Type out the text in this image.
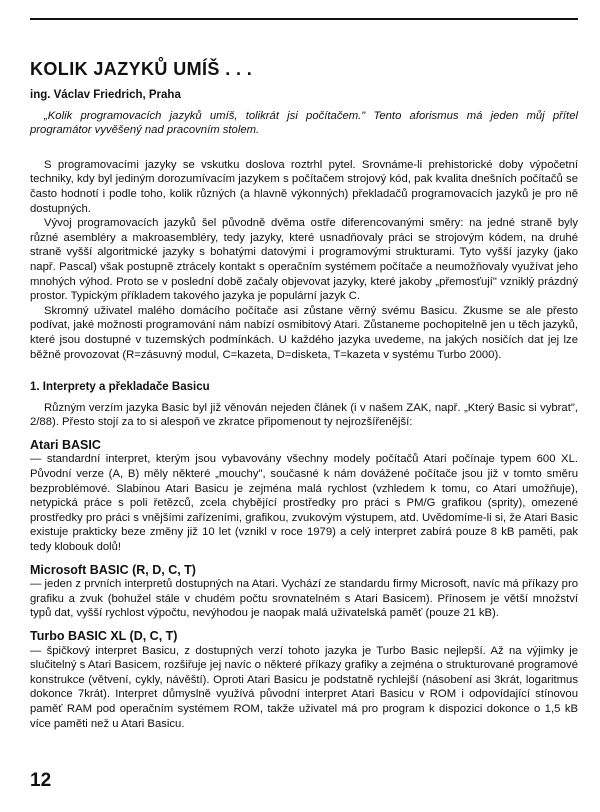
KOLIK JAZYKŮ UMÍŠ . . .

ing. Václav Friedrich, Praha

„Kolik programovacích jazyků umíš, tolikrát jsi počítačem." Tento aforismus má jeden můj přítel programátor vyvěšený nad pracovním stolem.

S programovacími jazyky se vskutku doslova roztrhl pytel. Srovnáme-li prehistorické doby výpočetní techniky, kdy byl jediným dorozumívacím jazykem s počítačem strojový kód, pak kvalita dnešních počítačů se často hodnotí i podle toho, kolik různých (a hlavně výkonných) překladačů programovacích jazyků je pro ně dostupných.

Vývoj programovacích jazyků šel původně dvěma ostře diferencovanými směry: na jedné straně byly různé asembléry a makroasembléry, tedy jazyky, které usnadňovaly práci se strojovým kódem, na druhé straně vyšší algoritmické jazyky s bohatými datovými i programovými strukturami. Tyto vyšší jazyky (jako např. Pascal) však postupně ztrácely kontakt s operačním systémem počítače a neumožňovaly využívat jeho mnohých výhod. Proto se v poslední době začaly objevovat jazyky, které jakoby „přemosťují" vzniklý prázdný prostor. Typickým příkladem takového jazyka je populární jazyk C.

Skromný uživatel malého domácího počítače asi zůstane věrný svému Basicu. Zkusme se ale přesto podívat, jaké možnosti programování nám nabízí osmibitový Atari. Zůstaneme pochopitelně jen u těch jazyků, které jsou dostupné v tuzemských podmínkách. U každého jazyka uvedeme, na jakých nosičích dat jej lze běžně provozovat (R=zásuvný modul, C=kazeta, D=disketa, T=kazeta v systému Turbo 2000).

1. Interprety a překladače Basicu

Různým verzím jazyka Basic byl již věnován nejeden článek (i v našem ZAK, např. „Který Basic si vybrat", 2/88). Přesto stojí za to si alespoň ve zkratce připomenout ty nejrozšířenější:

Atari BASIC

— standardní interpret, kterým jsou vybavovány všechny modely počítačů Atari počínaje typem 600 XL. Původní verze (A, B) měly některé „mouchy", současné k nám dovážené počítače jsou již v tomto směru bezproblémové. Slabinou Atari Basicu je zejména malá rychlost (vzhledem k tomu, co Atari umožňuje), netypická práce s poli řetězců, zcela chybějící prostředky pro práci s PM/G grafikou (sprity), omezené prostředky pro práci s vnějšími zařízeními, grafikou, zvukovým výstupem, atd. Uvědomíme-li si, že Atari Basic existuje prakticky beze změny již 10 let (vznikl v roce 1979) a celý interpret zabírá pouze 8 kB paměti, pak tedy klobouk dolů!

Microsoft BASIC (R, D, C, T)

— jeden z prvních interpretů dostupných na Atari. Vychází ze standardu firmy Microsoft, navíc má příkazy pro grafiku a zvuk (bohužel stále v chudém počtu srovnatelném s Atari Basicem). Přínosem je větší množství typů dat, vyšší rychlost výpočtu, nevýhodou je naopak malá uživatelská paměť (pouze 21 kB).

Turbo BASIC XL (D, C, T)

— špičkový interpret Basicu, z dostupných verzí tohoto jazyka je Turbo Basic nejlepší. Až na výjimky je slučitelný s Atari Basicem, rozšiřuje jej navíc o některé příkazy grafiky a zejména o strukturované programové konstrukce (větvení, cykly, návěští). Oproti Atari Basicu je podstatně rychlejší (násobení asi 3krát, logaritmus dokonce 7krát). Interpret důmyslně využívá původní interpret Atari Basicu v ROM i odpovídající stínovou paměť RAM pod operačním systémem ROM, takže uživatel má pro program k dispozici dokonce o 1,5 kB více paměti než u Atari Basicu.

12
